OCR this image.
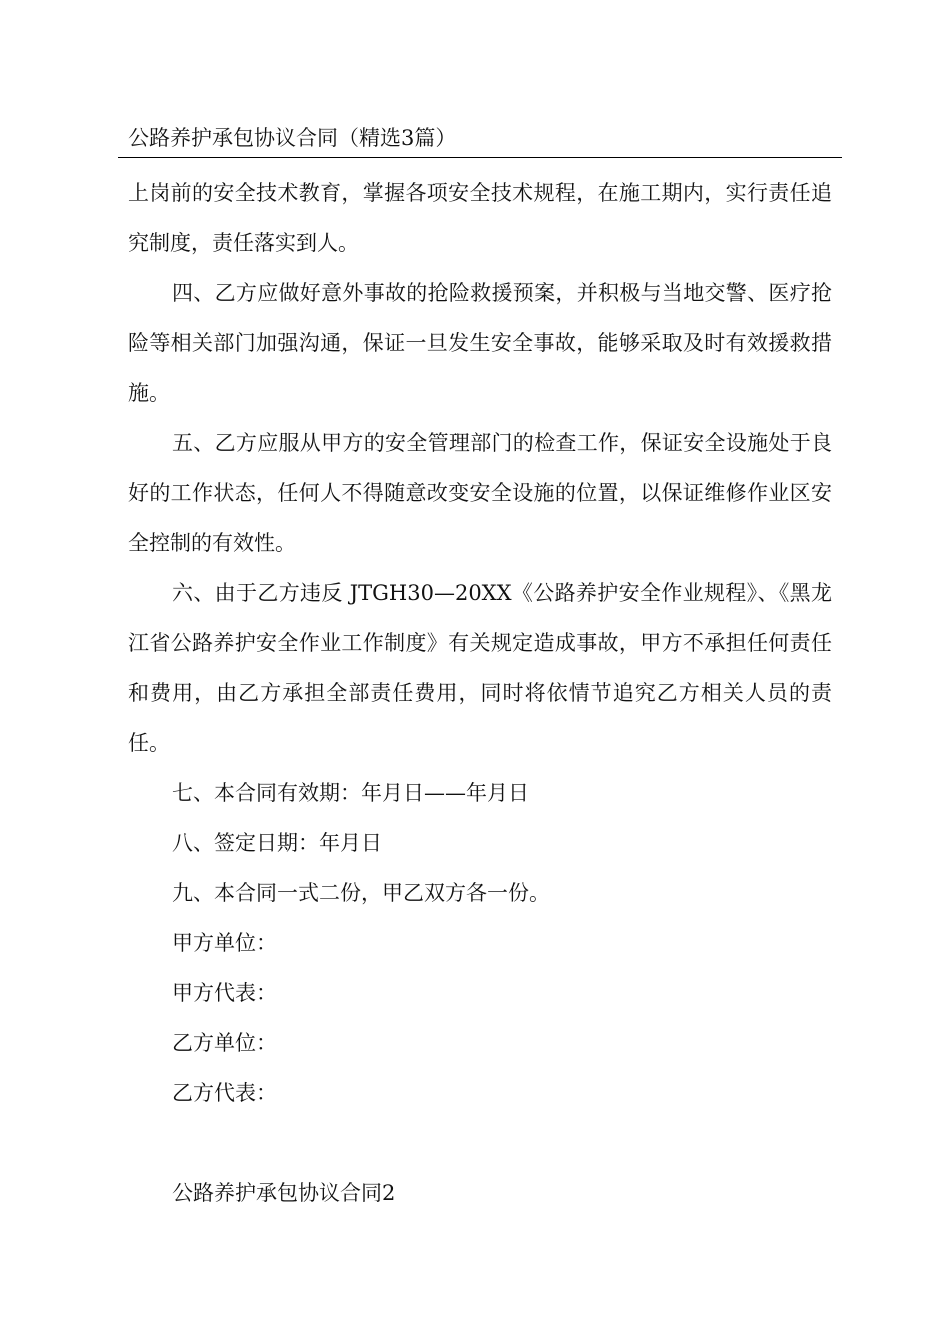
公路养护承包协议合同（精选3篇）

上岗前的安全技术教育，掌握各项安全技术规程，在施工期内，实行责任追究制度，责任落实到人。

四、乙方应做好意外事故的抢险救援预案，并积极与当地交警、医疗抢险等相关部门加强沟通，保证一旦发生安全事故，能够采取及时有效援救措施。

五、乙方应服从甲方的安全管理部门的检查工作，保证安全设施处于良好的工作状态，任何人不得随意改变安全设施的位置，以保证维修作业区安全控制的有效性。

六、由于乙方违反 JTGH30—20XX《公路养护安全作业规程》、《黑龙江省公路养护安全作业工作制度》有关规定造成事故，甲方不承担任何责任和费用，由乙方承担全部责任费用，同时将依情节追究乙方相关人员的责任。

七、本合同有效期：年月日——年月日

八、签定日期：年月日

九、本合同一式二份，甲乙双方各一份。

甲方单位：

甲方代表：

乙方单位：

乙方代表：

公路养护承包协议合同2
